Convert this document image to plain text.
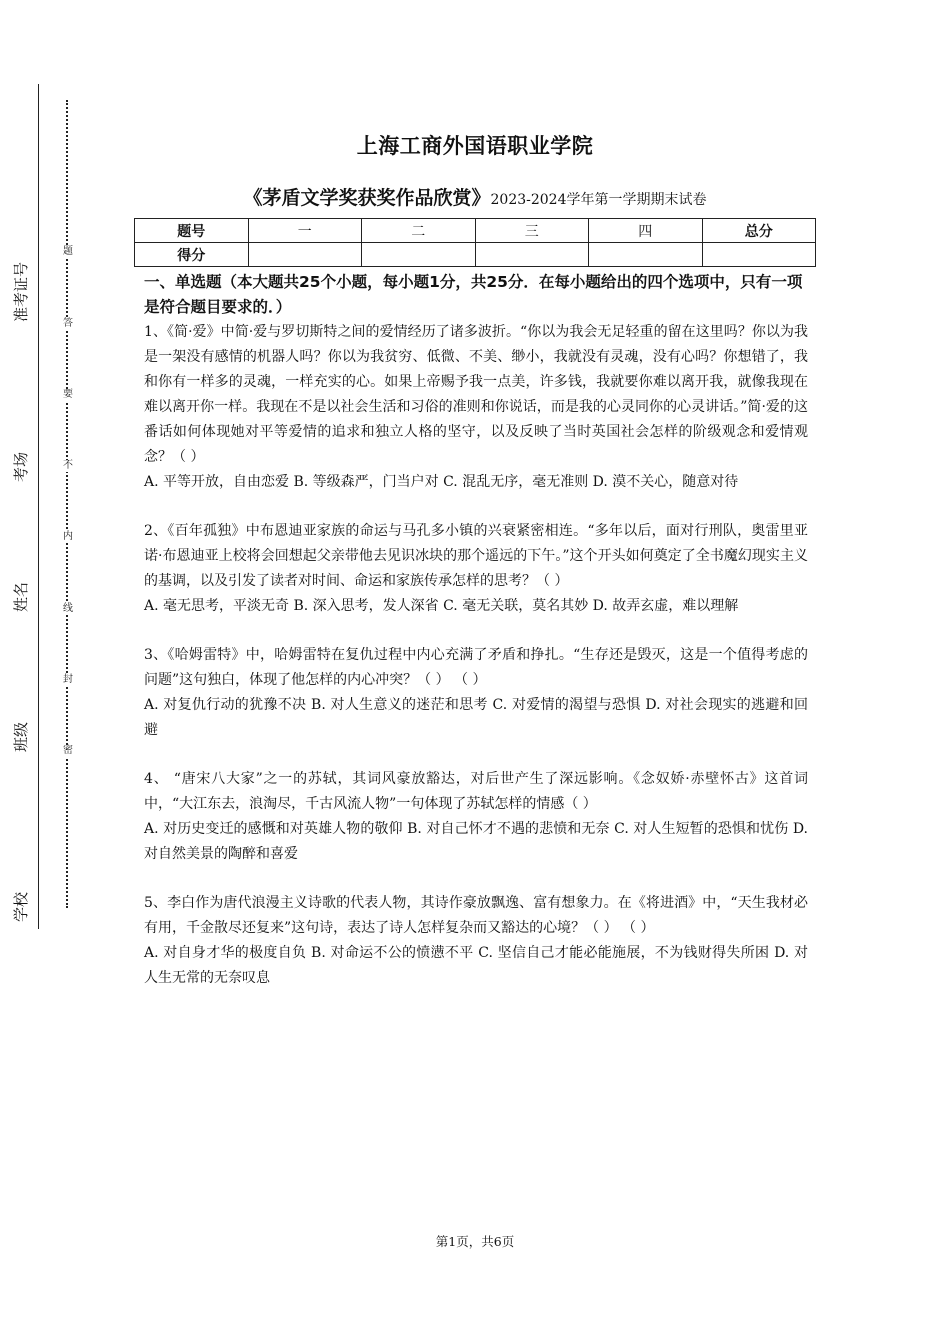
准考证号
考场
姓名
班级
学校
题
答
要
不
内
线
封
密
上海工商外国语职业学院
《茅盾文学奖获奖作品欣赏》2023-2024学年第一学期期末试卷
题号	一	二	三	四	总分
得分					

一、单选题（本大题共25个小题，每小题1分，共25分．在每小题给出的四个选项中，只有一项是符合题目要求的．）

1、《简·爱》中简·爱与罗切斯特之间的爱情经历了诸多波折。“你以为我会无足轻重的留在这里吗？你以为我是一架没有感情的机器人吗？你以为我贫穷、低微、不美、缈小，我就没有灵魂，没有心吗？你想错了，我和你有一样多的灵魂，一样充实的心。如果上帝赐予我一点美，许多钱，我就要你难以离开我，就像我现在难以离开你一样。我现在不是以社会生活和习俗的准则和你说话，而是我的心灵同你的心灵讲话。”简·爱的这番话如何体现她对平等爱情的追求和独立人格的坚守，以及反映了当时英国社会怎样的阶级观念和爱情观念？（ ）

A. 平等开放，自由恋爱 B. 等级森严，门当户对 C. 混乱无序，毫无准则 D. 漠不关心，随意对待

2、《百年孤独》中布恩迪亚家族的命运与马孔多小镇的兴衰紧密相连。“多年以后，面对行刑队，奥雷里亚诺·布恩迪亚上校将会回想起父亲带他去见识冰块的那个遥远的下午。”这个开头如何奠定了全书魔幻现实主义的基调，以及引发了读者对时间、命运和家族传承怎样的思考？（ ）

A. 毫无思考，平淡无奇 B. 深入思考，发人深省 C. 毫无关联，莫名其妙 D. 故弄玄虚，难以理解

3、《哈姆雷特》中，哈姆雷特在复仇过程中内心充满了矛盾和挣扎。“生存还是毁灭，这是一个值得考虑的问题”这句独白，体现了他怎样的内心冲突？（ ） （ ）

A. 对复仇行动的犹豫不决 B. 对人生意义的迷茫和思考 C. 对爱情的渴望与恐惧 D. 对社会现实的逃避和回避

4、 “唐宋八大家”之一的苏轼，其词风豪放豁达，对后世产生了深远影响。《念奴娇·赤壁怀古》这首词中，“大江东去，浪淘尽，千古风流人物”一句体现了苏轼怎样的情感（ ）

A. 对历史变迁的感慨和对英雄人物的敬仰 B. 对自己怀才不遇的悲愤和无奈 C. 对人生短暂的恐惧和忧伤 D. 对自然美景的陶醉和喜爱

5、李白作为唐代浪漫主义诗歌的代表人物，其诗作豪放飘逸、富有想象力。在《将进酒》中，“天生我材必有用，千金散尽还复来”这句诗，表达了诗人怎样复杂而又豁达的心境？（ ） （ ）

A. 对自身才华的极度自负 B. 对命运不公的愤懑不平 C. 坚信自己才能必能施展，不为钱财得失所困 D. 对人生无常的无奈叹息

第1页，共6页
